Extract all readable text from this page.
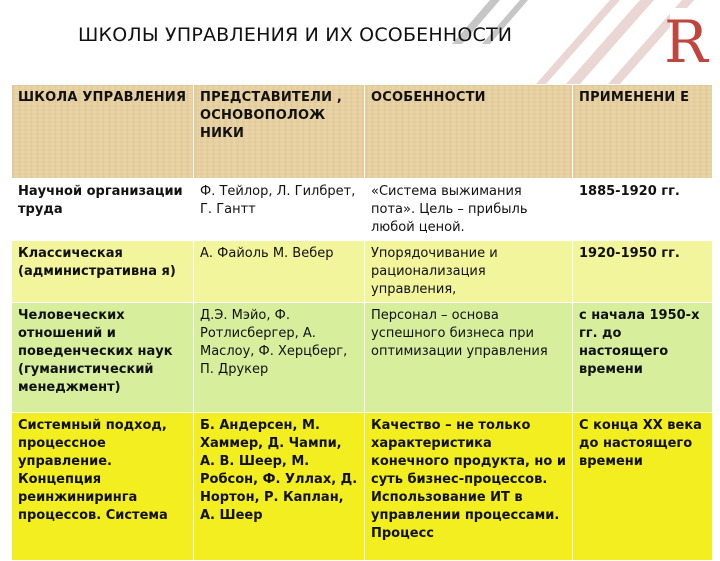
R
ШКОЛЫ УПРАВЛЕНИЯ И ИХ ОСОБЕННОСТИ
ШКОЛА УПРАВЛЕНИЯ	ПРЕДСТАВИТЕЛИ , ОСНОВОПОЛОЖ НИКИ	ОСОБЕННОСТИ	ПРИМЕНЕНИ Е
Научной организации труда	Ф. Тейлор, Л. Гилбрет, Г. Гантт	«Система выжимания пота». Цель – прибыль любой ценой.	1885-1920 гг.
Классическая (административна я)	А. Файоль М. Вебер	Упорядочивание и рационализация управления,	1920-1950 гг.
Человеческих отношений и поведенческих наук (гуманистический менеджмент)	Д.Э. Мэйо, Ф. Ротлисбергер, А. Маслоу, Ф. Херцберг, П. Друкер	Персонал – основа успешного бизнеса при оптимизации управления	с начала 1950-х гг. до настоящего времени
Системный подход, процессное управление. Концепция реинжиниринга процессов. Система	Б. Андерсен, М. Хаммер, Д. Чампи, А. В. Шеер, М. Робсон, Ф. Уллах, Д. Нортон, Р. Каплан, А. Шеер	Качество – не только характеристика конечного продукта, но и суть бизнес-процессов. Использование ИТ в управлении процессами. Процесс	С конца XX века до настоящего времени
